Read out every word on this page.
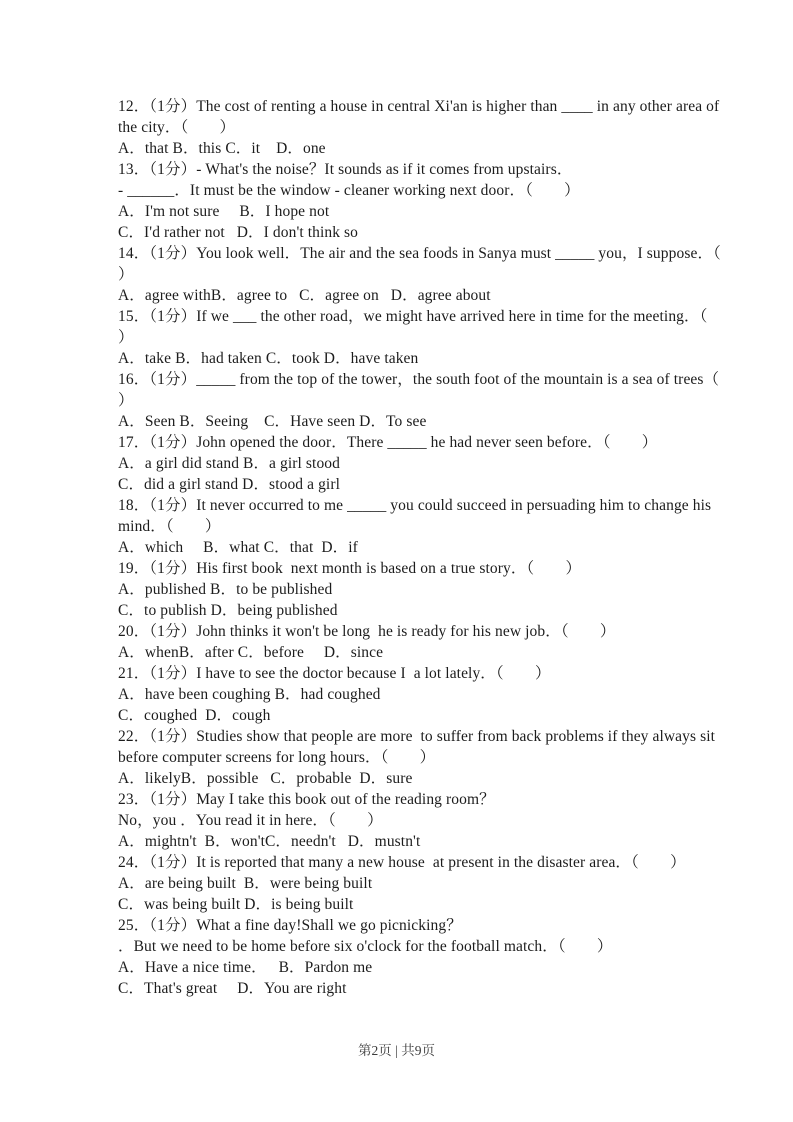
12．（1分）The cost of renting a house in central Xi'an is higher than ____ in any other area of
the city．（　　）
A．that B．this C．it    D．one
13．（1分）- What's the noise？It sounds as if it comes from upstairs．
- ______．It must be the window - cleaner working next door．（　　）
A．I'm not sure     B．I hope not
C．I'd rather not   D．I don't think so
14．（1分）You look well．The air and the sea foods in Sanya must _____ you，I suppose．（
）
A．agree withB．agree to   C．agree on   D．agree about
15．（1分）If we ___ the other road，we might have arrived here in time for the meeting．（
）
A．take B．had taken C．took D．have taken
16．（1分）_____ from the top of the tower，the south foot of the mountain is a sea of trees（
）
A．Seen B．Seeing    C．Have seen D．To see
17．（1分）John opened the door．There _____ he had never seen before．（　　）
A．a girl did stand B．a girl stood
C．did a girl stand D．stood a girl
18．（1分）It never occurred to me _____ you could succeed in persuading him to change his
mind．（　　）
A．which     B．what C．that  D．if
19．（1分）His first book  next month is based on a true story．（　　）
A．published B．to be published
C．to publish D．being published
20．（1分）John thinks it won't be long  he is ready for his new job．（　　）
A．whenB．after C．before     D．since
21．（1分）I have to see the doctor because I  a lot lately．（　　）
A．have been coughing B．had coughed
C．coughed  D．cough
22．（1分）Studies show that people are more  to suffer from back problems if they always sit
before computer screens for long hours．（　　）
A．likelyB．possible   C．probable  D．sure
23．（1分）May I take this book out of the reading room？
No，you ．You read it in here．（　　）
A．mightn't  B．won'tC．needn't   D．mustn't
24．（1分）It is reported that many a new house  at present in the disaster area．（　　）
A．are being built  B．were being built
C．was being built D．is being built
25．（1分）What a fine day!Shall we go picnicking？
．But we need to be home before six o'clock for the football match．（　　）
A．Have a nice time．   B．Pardon me
C．That's great     D．You are right
第2页 | 共9页
